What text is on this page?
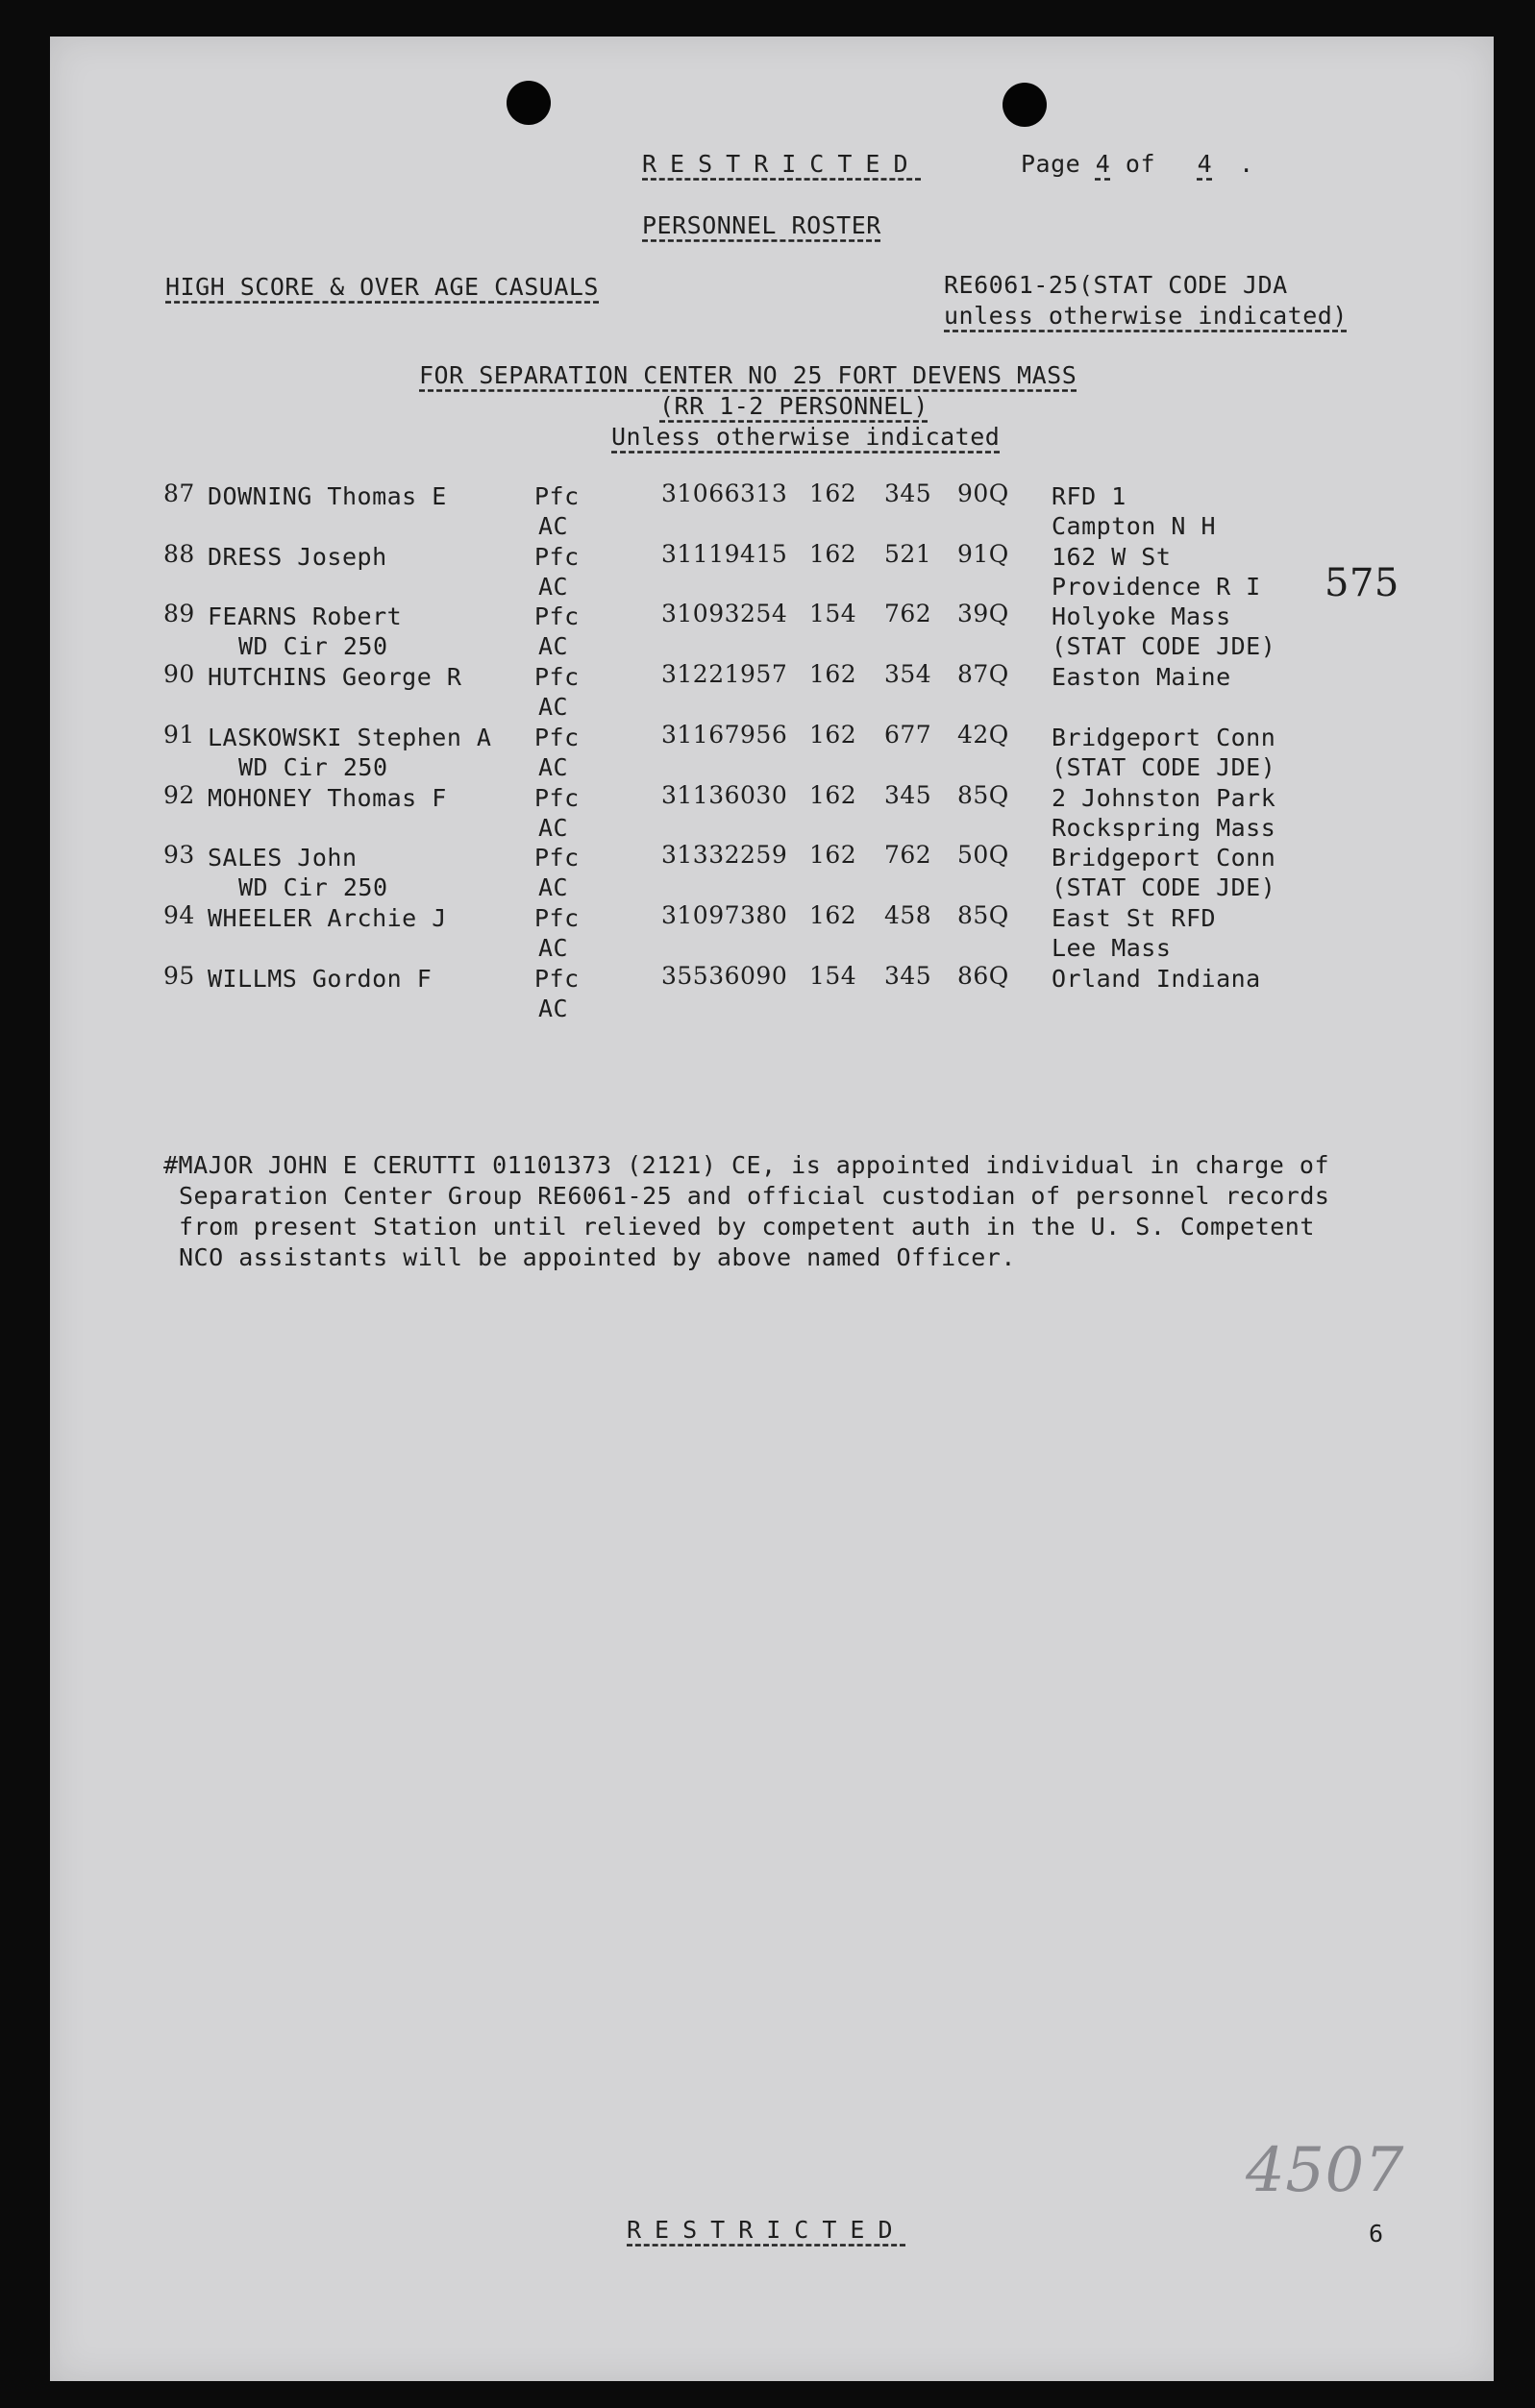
RESTRICTED	Page 4 of 4 .
PERSONNEL ROSTER
HIGH SCORE & OVER AGE CASUALS	RE6061-25(STAT CODE JDA
unless otherwise indicated)
FOR SEPARATION CENTER NO 25 FORT DEVENS MASS
(RR 1-2 PERSONNEL)
Unless otherwise indicated
575
87 DOWNING Thomas E	Pfc	31066313 162 345 90Q RFD 1
AC	Campton N H
88 DRESS Joseph	Pfc	31119415 162 521 91Q 162 W St
AC	Providence R I
89 FEARNS Robert	Pfc	31093254 154 762 39Q Holyoke Mass
WD Cir 250	AC	(STAT CODE JDE)
90 HUTCHINS George R	Pfc	31221957 162 354 87Q Easton Maine
AC
91 LASKOWSKI Stephen A Pfc	31167956 162 677 42Q Bridgeport Conn
WD Cir 250	AC	(STAT CODE JDE)
92 MOHONEY Thomas F	Pfc	31136030 162 345 85Q 2 Johnston Park
AC	Rockspring Mass
93 SALES John	Pfc	31332259 162 762 50Q Bridgeport Conn
WD Cir 250	AC	(STAT CODE JDE)
94 WHEELER Archie J	Pfc	31097380 162 458 85Q East St RFD
AC	Lee Mass
95 WILLMS Gordon F	Pfc	35536090 154 345 86Q Orland Indiana
AC
#MAJOR JOHN E CERUTTI 01101373 (2121) CE, is appointed individual in charge of
Separation Center Group RE6061-25 and official custodian of personnel records
from present Station until relieved by competent auth in the U. S. Competent
NCO assistants will be appointed by above named Officer.
RESTRICTED
4507
6
